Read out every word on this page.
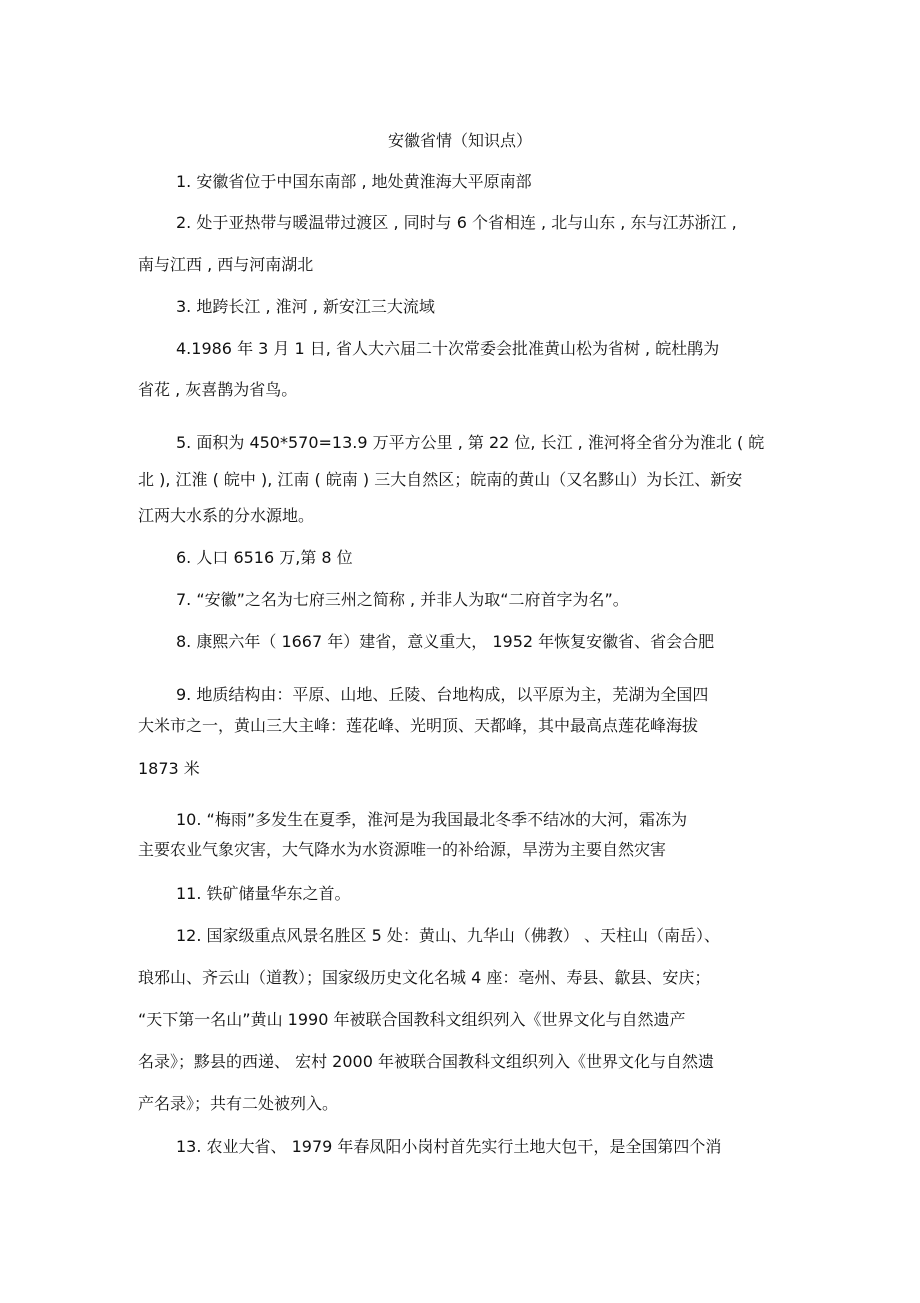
安徽省情（知识点）
1. 安徽省位于中国东南部 , 地处黄淮海大平原南部
2. 处于亚热带与暖温带过渡区 , 同时与 6 个省相连 , 北与山东 , 东与江苏浙江 ,
南与江西 , 西与河南湖北
3. 地跨长江 , 淮河 , 新安江三大流域
4.1986 年 3 月 1 日, 省人大六届二十次常委会批准黄山松为省树 , 皖杜鹃为
省花 , 灰喜鹊为省鸟。
5. 面积为 450*570=13.9 万平方公里 , 第 22 位, 长江 , 淮河将全省分为淮北 ( 皖
北 ), 江淮 ( 皖中 ), 江南 ( 皖南 ) 三大自然区；皖南的黄山（又名黟山）为长江、新安
江两大水系的分水源地。
6. 人口 6516 万,第 8 位
7. “安徽”之名为七府三州之简称 , 并非人为取“二府首字为名”。
8. 康熙六年（ 1667 年）建省，意义重大， 1952 年恢复安徽省、省会合肥
9. 地质结构由：平原、山地、丘陵、台地构成，以平原为主，芜湖为全国四
大米市之一，黄山三大主峰：莲花峰、光明顶、天都峰，其中最高点莲花峰海拔
1873 米
10. “梅雨”多发生在夏季，淮河是为我国最北冬季不结冰的大河，霜冻为
主要农业气象灾害，大气降水为水资源唯一的补给源，旱涝为主要自然灾害
11. 铁矿储量华东之首。
12. 国家级重点风景名胜区 5 处：黄山、九华山（佛教） 、天柱山（南岳）、
琅邪山、齐云山（道教）；国家级历史文化名城 4 座：亳州、寿县、歙县、安庆；
“天下第一名山”黄山 1990 年被联合国教科文组织列入《世界文化与自然遗产
名录》；黟县的西递、 宏村 2000 年被联合国教科文组织列入《世界文化与自然遗
产名录》；共有二处被列入。
13. 农业大省、 1979 年春凤阳小岗村首先实行土地大包干，是全国第四个消
